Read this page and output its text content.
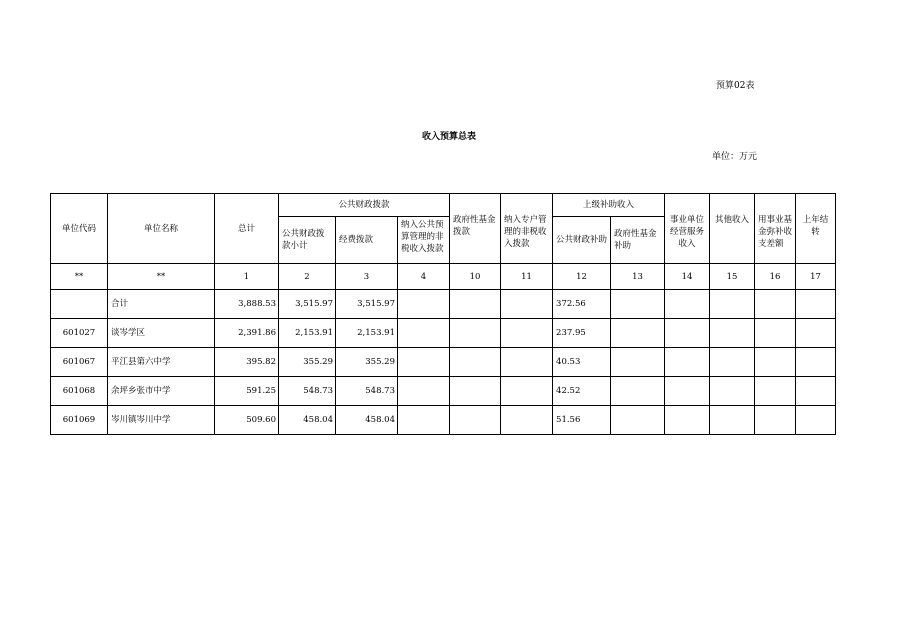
预算02表
收入预算总表
单位：万元
单位代码	单位名称	总计	公共财政拨款			政府性基金拨款	纳入专户管理的非税收入拨款	上级补助收入		事业单位经营服务收入	其他收入	用事业基金弥补收支差额	上年结转
			公共财政拨款小计	经费拨款	纳入公共预算管理的非税收入拨款								
								公共财政补助	政府性基金补助				
**	**	1	2	3	4	10	11	12	13	14	15	16	17
	合计	3,888.53	3,515.97	3,515.97				372.56					
601027	谈岑学区	2,391.86	2,153.91	2,153.91				237.95					
601067	平江县第六中学	395.82	355.29	355.29				40.53					
601068	余坪乡张市中学	591.25	548.73	548.73				42.52					
601069	岑川镇岑川中学	509.60	458.04	458.04				51.56					
